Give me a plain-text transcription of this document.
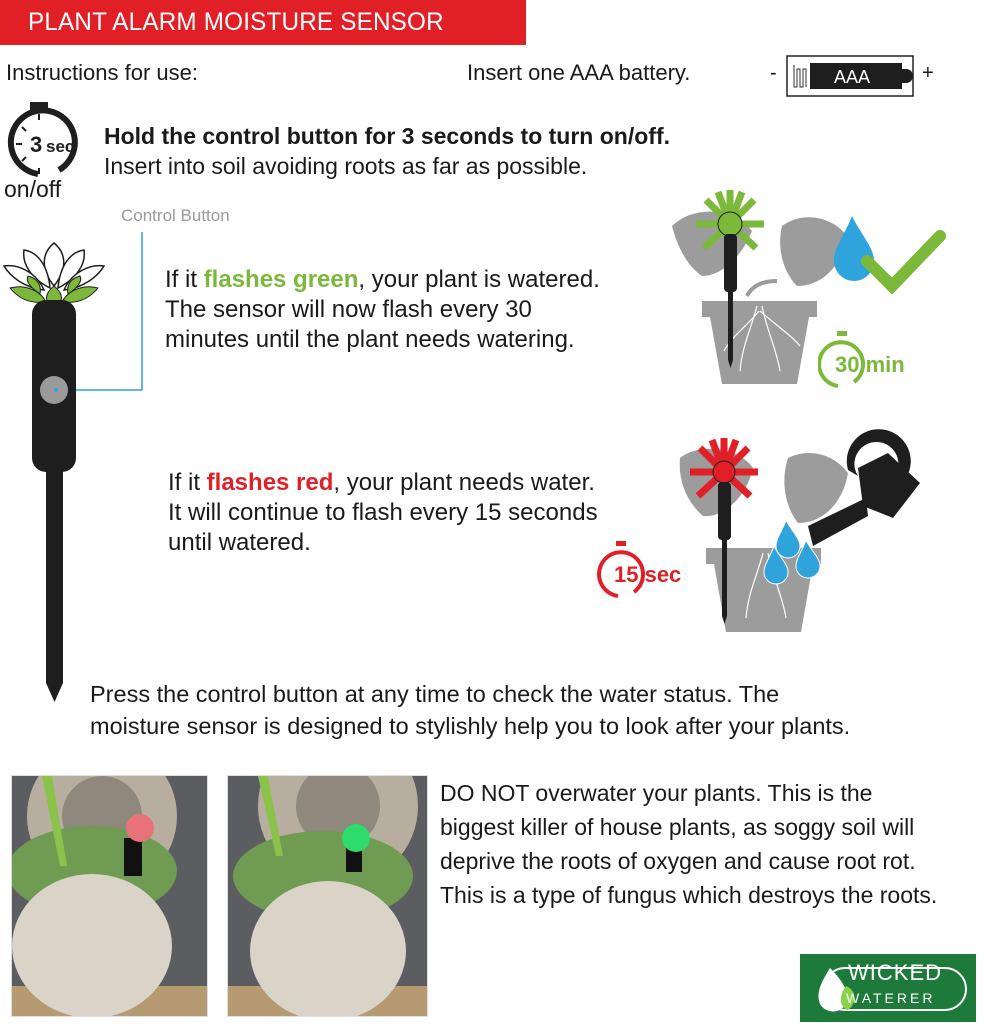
PLANT ALARM MOISTURE SENSOR
Instructions for use:	Insert one AAA battery.	-	AAA	+
3 sec
on/off
Hold the control button for 3 seconds to turn on/off.
Insert into soil avoiding roots as far as possible.
Control Button
If it flashes green, your plant is watered.
The sensor will now flash every 30
minutes until the plant needs watering.
30 min
If it flashes red, your plant needs water.
It will continue to flash every 15 seconds
until watered.
15 sec
Press the control button at any time to check the water status. The
moisture sensor is designed to stylishly help you to look after your plants.
DO NOT overwater your plants. This is the
biggest killer of house plants, as soggy soil will
deprive the roots of oxygen and cause root rot.
This is a type of fungus which destroys the roots.
WICKED
WATERER
